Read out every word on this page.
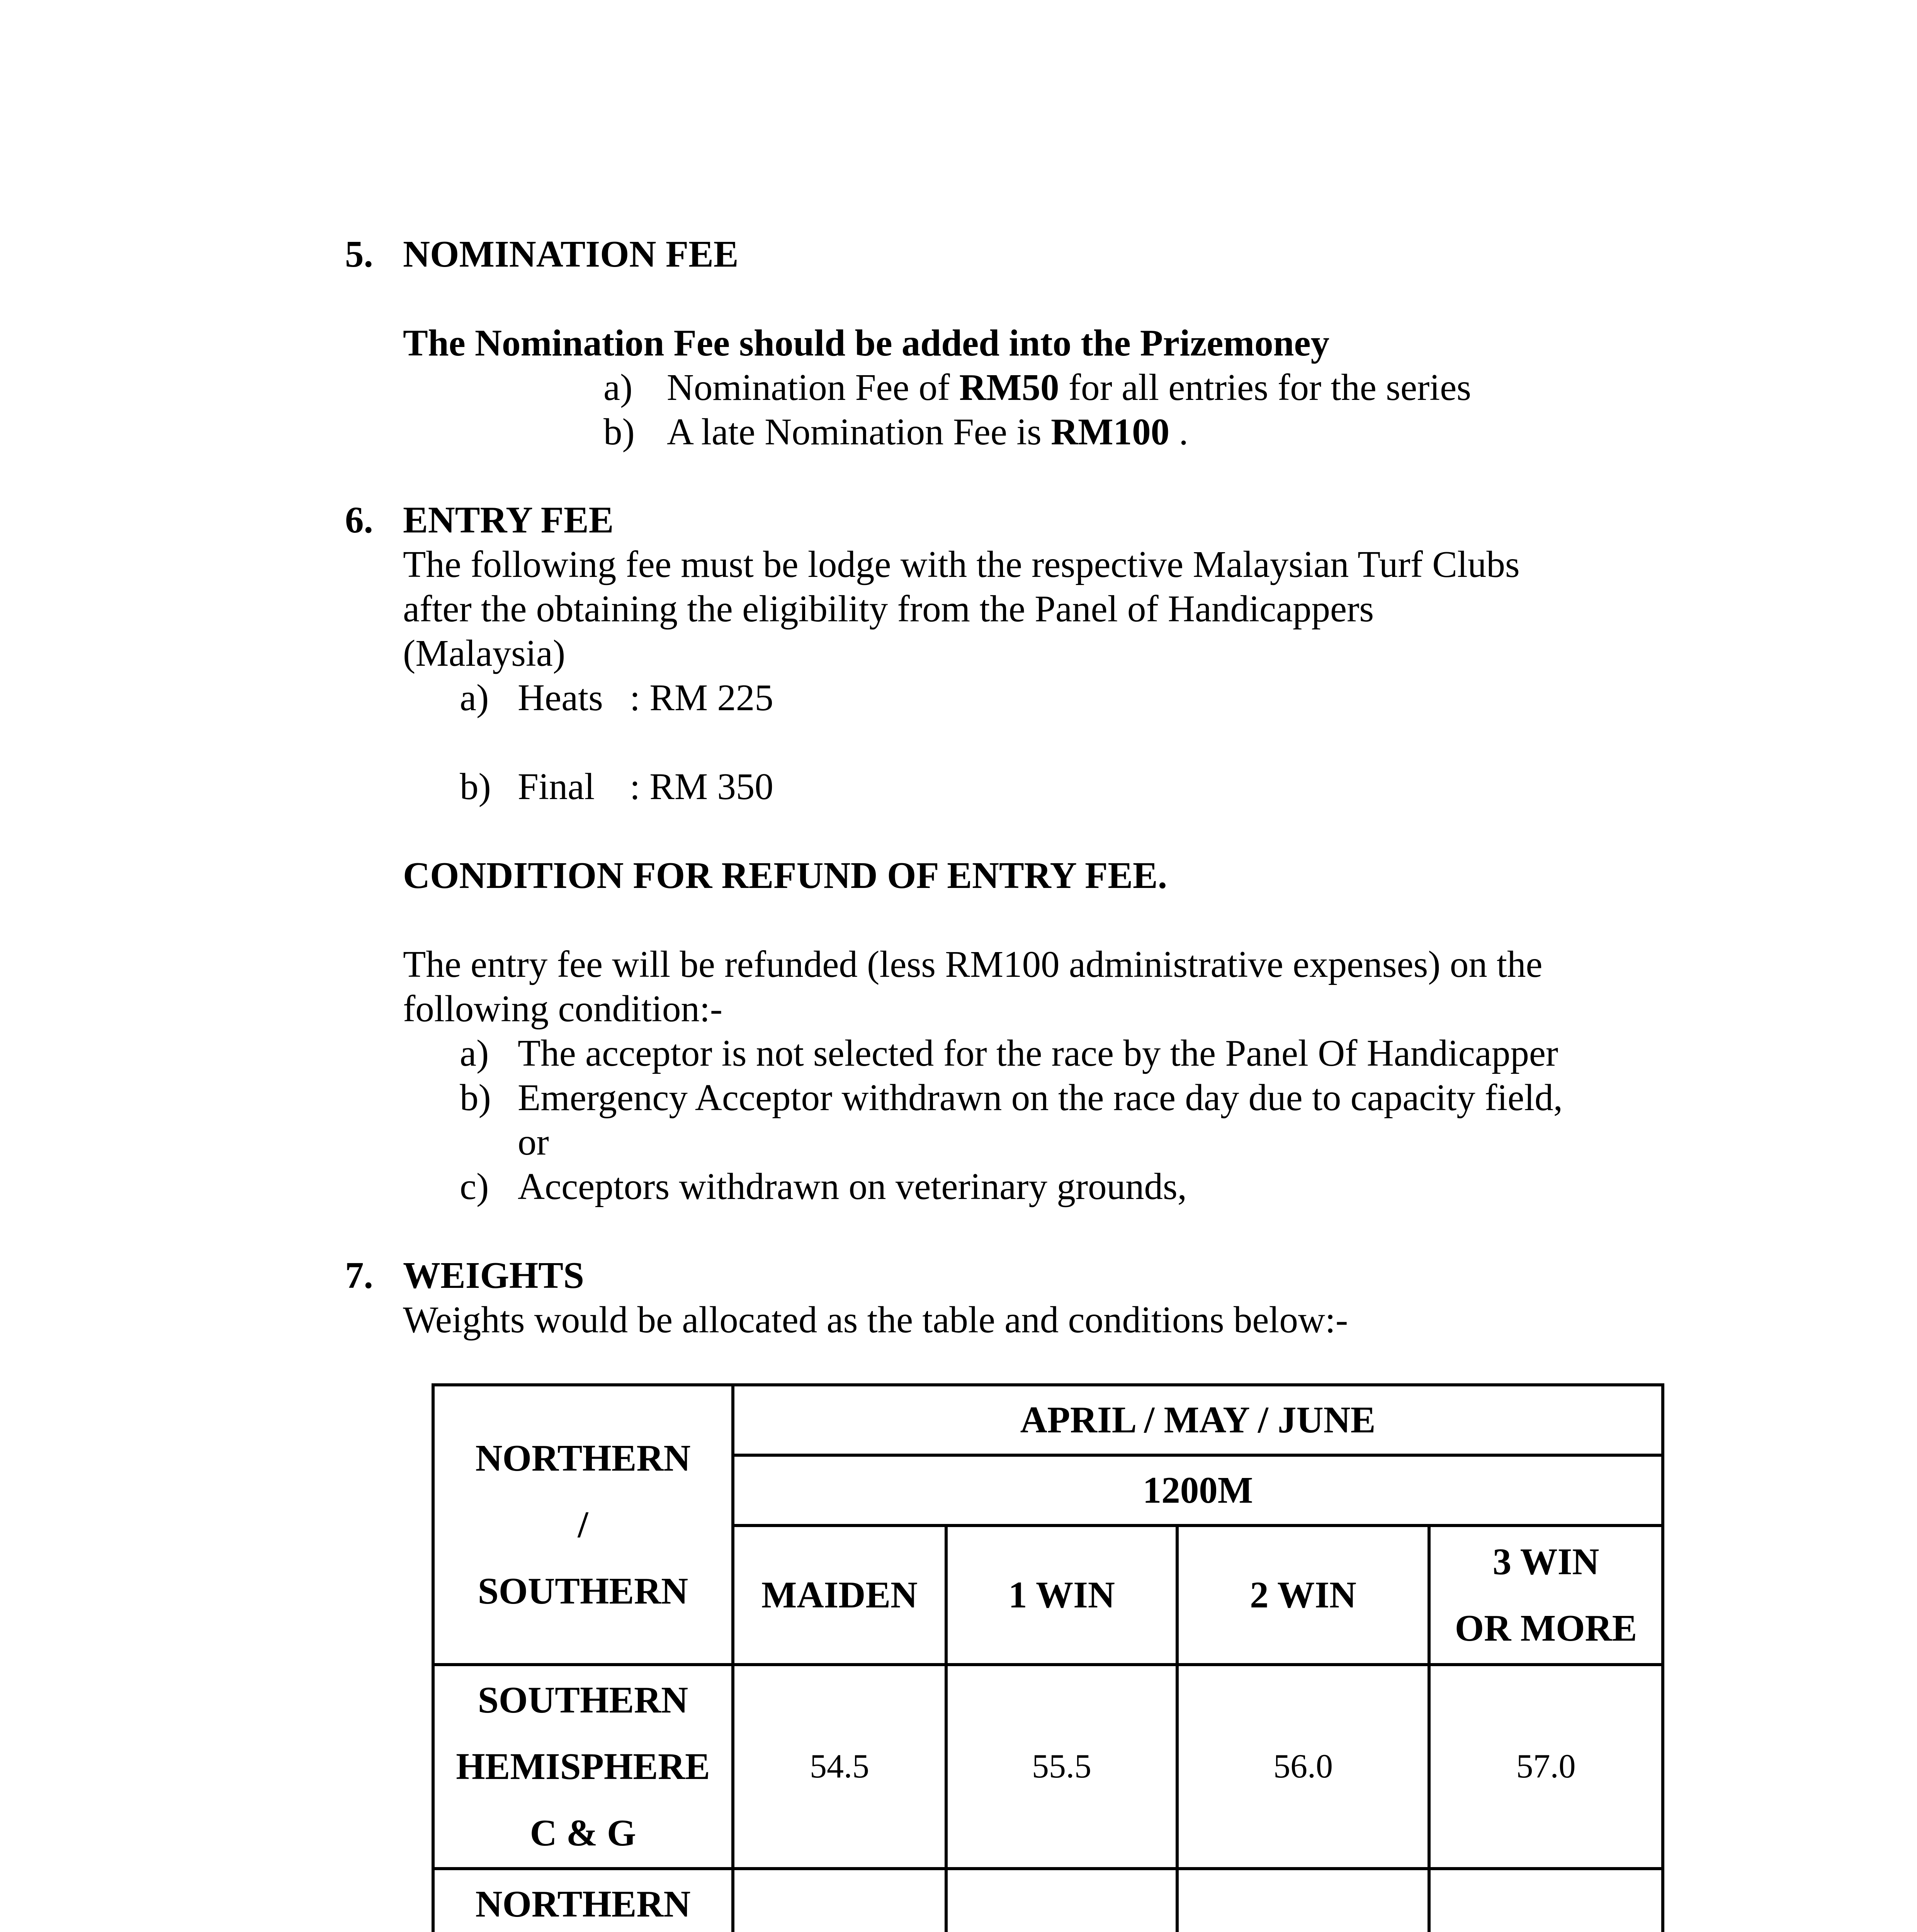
5. NOMINATION FEE
The Nomination Fee should be added into the Prizemoney
a) Nomination Fee of RM50 for all entries for the series
b) A late Nomination Fee is RM100 .
6. ENTRY FEE
The following fee must be lodge with the respective Malaysian Turf Clubs
after the obtaining the eligibility from the Panel of Handicappers
(Malaysia)
a) Heats : RM 225
b) Final : RM 350
CONDITION FOR REFUND OF ENTRY FEE.
The entry fee will be refunded (less RM100 administrative expenses) on the
following condition:-
a) The acceptor is not selected for the race by the Panel Of Handicapper
b) Emergency Acceptor withdrawn on the race day due to capacity field,
or
c) Acceptors withdrawn on veterinary grounds,
7. WEIGHTS
Weights would be allocated as the table and conditions below:-
NORTHERN
/
SOUTHERN	APRIL / MAY / JUNE			
	1200M			

	MAIDEN	1 WIN	2 WIN	3 WIN
OR MORE

SOUTHERN
HEMISPHERE
C & G	54.5	55.5	56.0	57.0

NORTHERN
